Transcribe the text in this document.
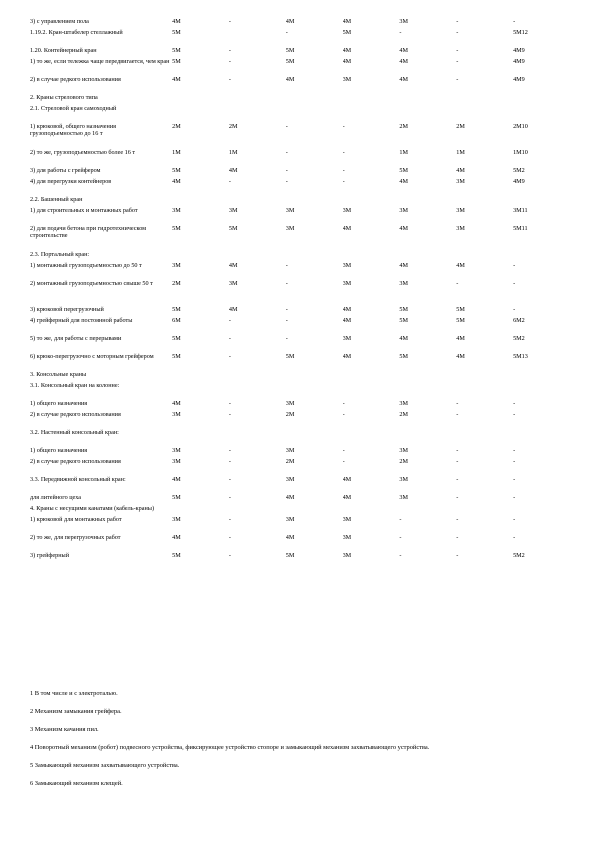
3) с управлением пола	4М	-	4М	4М	3М	-	-
1.19.2. Кран-штабелер стеллажный	5М		-	5М	-	-	5М12
1.20. Контейнерный кран	5М	-	5М	4М	4М	-	4М9
1) то же, если тележка чаще передвигается, чем кран	5М	-	5М	4М	4М	-	4М9
2) в случае редкого использования	4М	-	4М	3М	4М	-	4М9
2. Краны стрелового типа							
2.1. Стреловой кран самоходный							
1) крюковой, общего назначения грузоподъемностью до 16 т	2М	2М	-	-	2М	2М	2М10
2) то же, грузоподъемностью более 16 т	1М	1М	-	-	1М	1М	1М10
3) для работы с грейфером	5М	4М	-	-	5М	4М	5М2
4) для перегрузки контейнеров	4М	-	-	-	4М	3М	4М9
2.2. Башенный кран							
1) для строительных и монтажных работ	3М	3М	3М	3М	3М	3М	3М11
2) для подачи бетона при гидротехническом строительстве	5М	5М	3М	4М	4М	3М	5М11
2.3. Портальный кран:							
1) монтажный грузоподъемностью до 50 т	3М	4М	-	3М	4М	4М	-
2) монтажный грузоподъемностью свыше 50 т	2М	3М	-	3М	3М	-	-
3) крюковой перегрузочный	5М	4М	-	4М	5М	5М	-
4) грейферный для постоянной работы	6М	-	-	4М	5М	5М	6М2
5) то же, для работы с перерывами	5М	-	-	3М	4М	4М	5М2
6) крюко-перегрузочно с моторным грейфером	5М	-	5М	4М	5М	4М	5М13
3. Консольные краны							
3.1. Консольный кран на колонне:							
1) общего назначения	4М	-	3М	-	3М	-	-
2) в случае редкого использования	3М	-	2М	-	2М	-	-
3.2. Настенный консольный кран:							
1) общего назначения	3М	-	3М	-	3М	-	-
2) в случае редкого использования	3М	-	2М	-	2М	-	-
3.3. Передвижной консольный кран:	4М	-	3М	4М	3М	-	-
для литейного цеха	5М	-	4М	4М	3М	-	-
4. Краны с несущими канатами (кабель-краны)							
1) крюковой для монтажных работ	3М	-	3М	3М	-	-	-
2) то же, для перегрузочных работ	4М	-	4М	3М	-	-	-
3) грейферный	5М	-	5М	3М	-	-	5М2

1 В том числе и с электроталью.

2 Механизм замыкания грейфера.

3 Механизм качания пил.

4 Поворотный механизм (робот) подвесного устройства, фиксирующее устройство стопоре и замыкающий механизм захватывающего устройства.

5 Замыкающий механизм захватывающего устройства.

6 Замыкающий механизм клещей.
